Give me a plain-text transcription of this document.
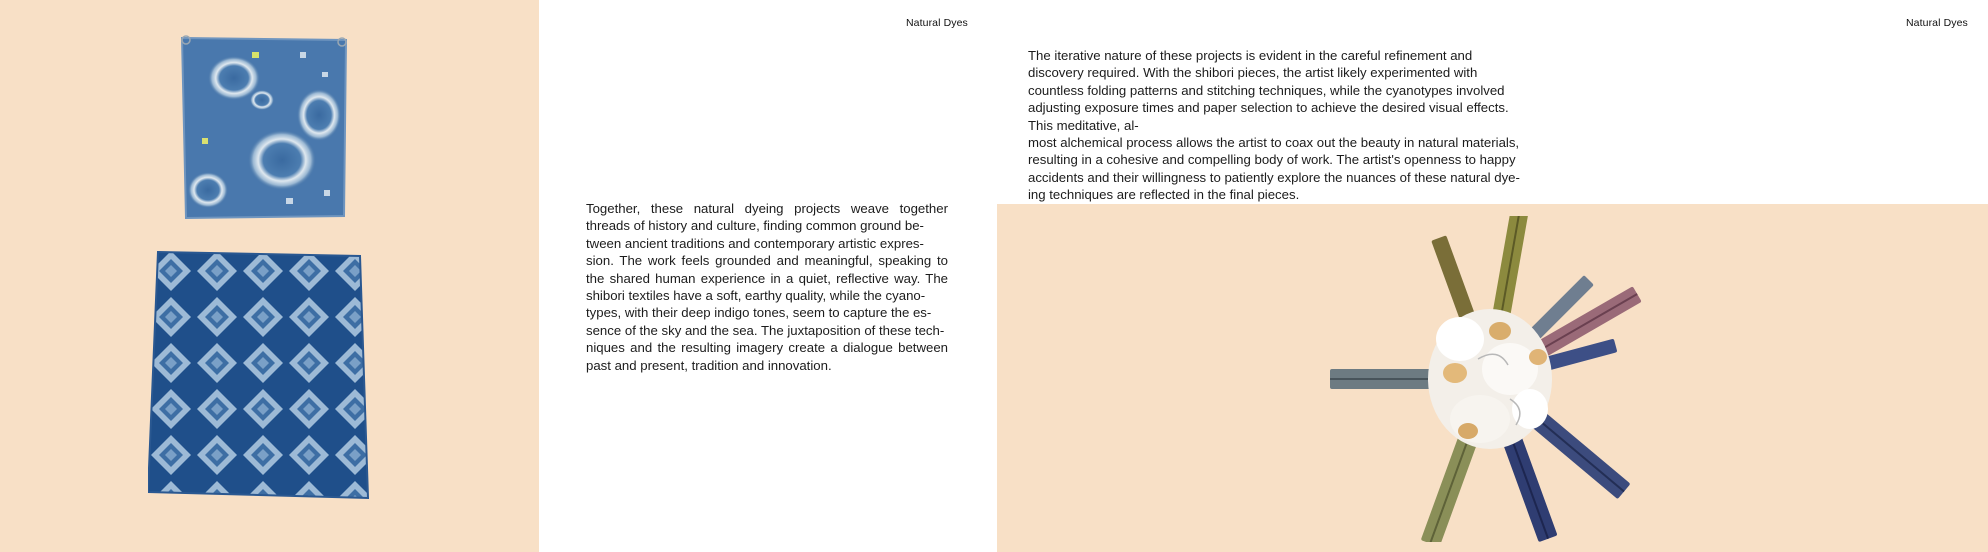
Natural Dyes	Natural Dyes

Together, these natural dyeing projects weave together threads of history and culture, finding common ground be-
tween ancient traditions and contemporary artistic expres-
sion. The work feels grounded and meaningful, speaking to the shared human experience in a quiet, reflective way. The shibori textiles have a soft, earthy quality, while the cyano-
types, with their deep indigo tones, seem to capture the es-
sence of the sky and the sea. The juxtaposition of these tech-
niques and the resulting imagery create a dialogue between past and present, tradition and innovation.

The iterative nature of these projects is evident in the careful refinement and discovery required. With the shibori pieces, the artist likely experimented with countless folding patterns and stitching techniques, while the cyanotypes involved adjusting exposure times and paper selection to achieve the desired visual effects. This meditative, al-
most alchemical process allows the artist to coax out the beauty in natural materials, resulting in a cohesive and compelling body of work. The artist's openness to happy accidents and their willingness to patiently explore the nuances of these natural dye-
ing techniques are reflected in the final pieces.
